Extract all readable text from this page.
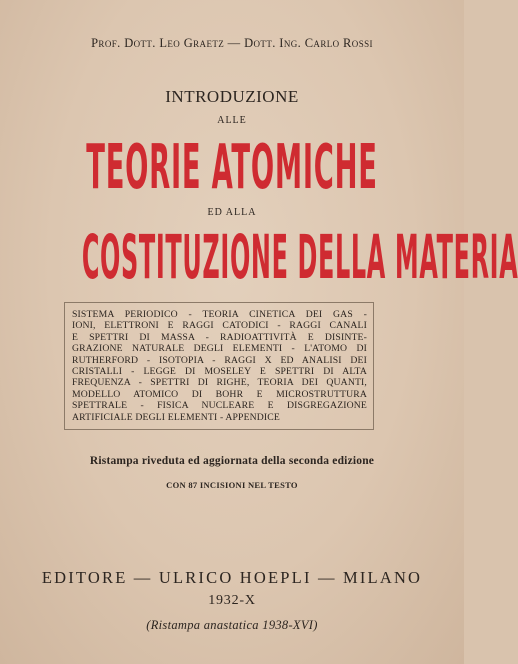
Prof. Dott. Leo Graetz — Dott. Ing. Carlo Rossi
INTRODUZIONE
ALLE
TEORIE ATOMICHE
ED ALLA
COSTITUZIONE DELLA MATERIA
SISTEMA PERIODICO - TEORIA CINETICA DEI GAS -
IONI, ELETTRONI E RAGGI CATODICI - RAGGI CANALI
E SPETTRI DI MASSA - RADIOATTIVITÀ E DISINTE-
GRAZIONE NATURALE DEGLI ELEMENTI - L'ATOMO DI
RUTHERFORD - ISOTOPIA - RAGGI X ED ANALISI DEI
CRISTALLI - LEGGE DI MOSELEY E SPETTRI DI ALTA
FREQUENZA - SPETTRI DI RIGHE, TEORIA DEI QUANTI,
MODELLO ATOMICO DI BOHR E MICROSTRUTTURA
SPETTRALE - FISICA NUCLEARE E DISGREGAZIONE
ARTIFICIALE DEGLI ELEMENTI - APPENDICE
Ristampa riveduta ed aggiornata della seconda edizione
CON 87 INCISIONI NEL TESTO
EDITORE — ULRICO HOEPLI — MILANO
1932-X
(Ristampa anastatica 1938-XVI)
